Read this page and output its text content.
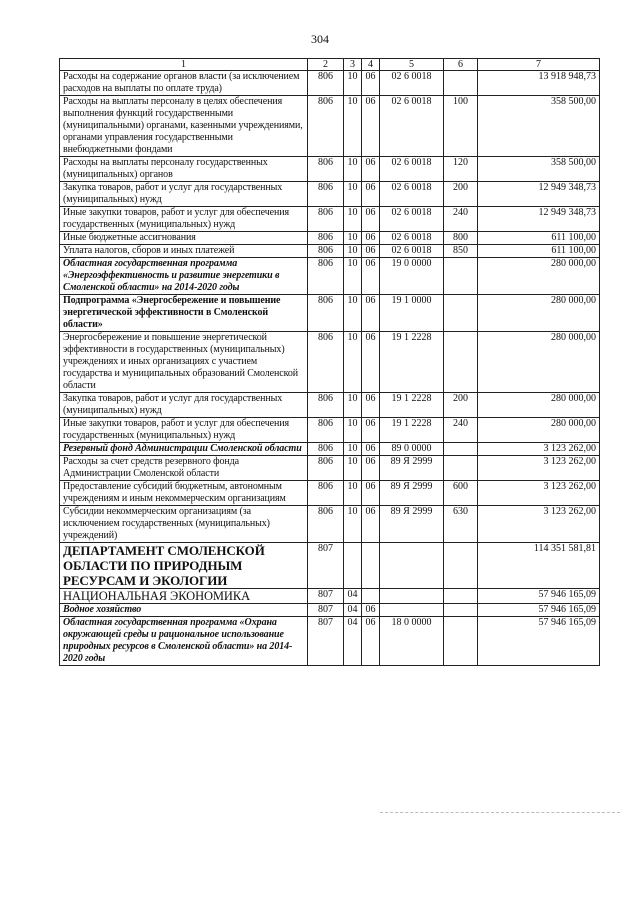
304
1	2	3	4	5	6	7
Расходы на содержание органов власти (за исключением расходов на выплаты по оплате труда)	806	10	06	02 6 0018		13 918 948,73
Расходы на выплаты персоналу в целях обеспечения выполнения функций государственными (муниципальными) органами, казенными учреждениями, органами управления государственными внебюджетными фондами	806	10	06	02 6 0018	100	358 500,00
Расходы на выплаты персоналу государственных (муниципальных) органов	806	10	06	02 6 0018	120	358 500,00
Закупка товаров, работ и услуг для государственных (муниципальных) нужд	806	10	06	02 6 0018	200	12 949 348,73
Иные закупки товаров, работ и услуг для обеспечения государственных (муниципальных) нужд	806	10	06	02 6 0018	240	12 949 348,73
Иные бюджетные ассигнования	806	10	06	02 6 0018	800	611 100,00
Уплата налогов, сборов и иных платежей	806	10	06	02 6 0018	850	611 100,00
Областная государственная программа «Энергоэффективность и развитие энергетики в Смоленской области» на 2014-2020 годы	806	10	06	19 0 0000		280 000,00
Подпрограмма «Энергосбережение и повышение энергетической эффективности в Смоленской области»	806	10	06	19 1 0000		280 000,00
Энергосбережение и повышение энергетической эффективности в государственных (муниципальных) учреждениях и иных организациях с участием государства и муниципальных образований Смоленской области	806	10	06	19 1 2228		280 000,00
Закупка товаров, работ и услуг для государственных (муниципальных) нужд	806	10	06	19 1 2228	200	280 000,00
Иные закупки товаров, работ и услуг для обеспечения государственных (муниципальных) нужд	806	10	06	19 1 2228	240	280 000,00
Резервный фонд Администрации Смоленской области	806	10	06	89 0 0000		3 123 262,00
Расходы за счет средств резервного фонда Администрации Смоленской области	806	10	06	89 Я 2999		3 123 262,00
Предоставление субсидий бюджетным, автономным учреждениям и иным некоммерческим организациям	806	10	06	89 Я 2999	600	3 123 262,00
Субсидии некоммерческим организациям (за исключением государственных (муниципальных) учреждений)	806	10	06	89 Я 2999	630	3 123 262,00
ДЕПАРТАМЕНТ СМОЛЕНСКОЙ ОБЛАСТИ ПО ПРИРОДНЫМ РЕСУРСАМ И ЭКОЛОГИИ	807					114 351 581,81
НАЦИОНАЛЬНАЯ ЭКОНОМИКА	807	04				57 946 165,09
Водное хозяйство	807	04	06			57 946 165,09
Областная государственная программа «Охрана окружающей среды и рациональное использование природных ресурсов в Смоленской области» на 2014-2020 годы	807	04	06	18 0 0000		57 946 165,09
